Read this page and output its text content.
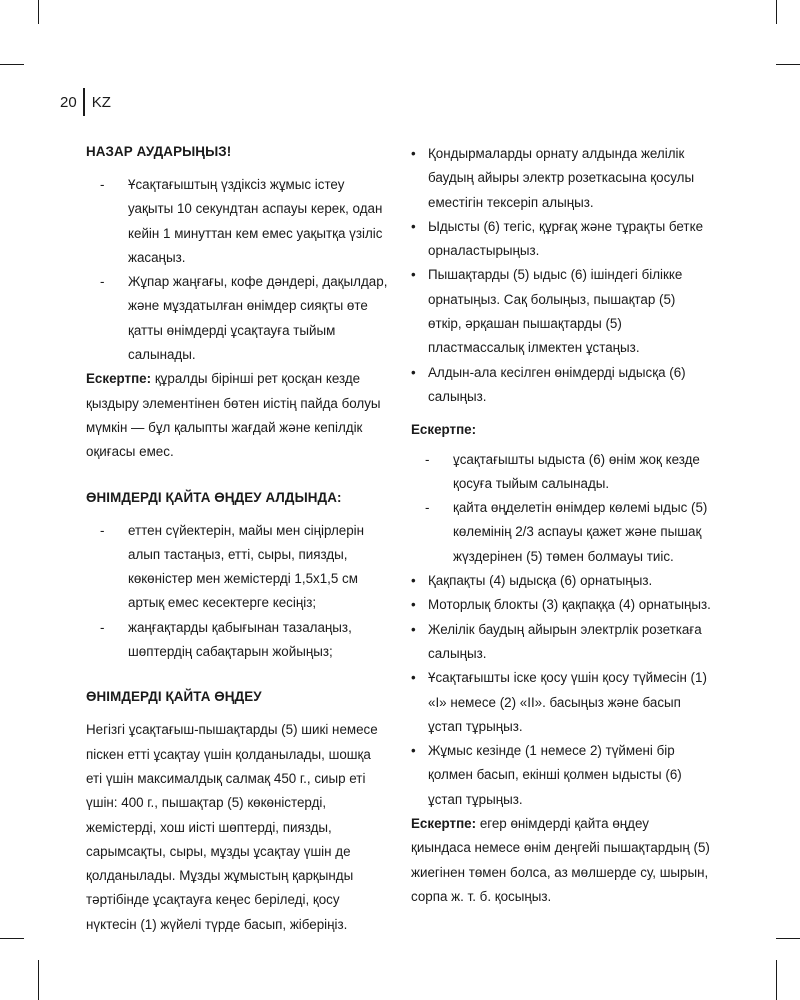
20	KZ
НАЗАР АУДАРЫҢЫЗ!
- Ұсақтағыштың үздіксіз жұмыс істеу уақыты 10 секундтан аспауы керек, одан кейін 1 минуттан кем емес уақытқа үзіліс жасаңыз.
- Жұпар жаңғағы, кофе дәндері, дақылдар, және мұздатылған өнімдер сияқты өте қатты өнімдерді ұсақтауға тыйым салынады.

Ескертпе: құралды бірінші рет қосқан кезде қыздыру элементінен бөтен иістің пайда болуы мүмкін — бұл қалыпты жағдай және кепілдік оқиғасы емес.

ӨНІМДЕРДІ ҚАЙТА ӨҢДЕУ АЛДЫНДА:
- еттен сүйектерін, майы мен сіңірлерін алып тастаңыз, етті, сыры, пиязды, көкөністер мен жемістерді 1,5х1,5 см артық емес кесектерге кесіңіз;
- жаңғақтарды қабығынан тазалаңыз, шөптердің сабақтарын жойыңыз;
ӨНІМДЕРДІ ҚАЙТА ӨҢДЕУ

Негізгі ұсақтағыш-пышақтарды (5) шикі немесе піскен етті ұсақтау үшін қолданылады, шошқа еті үшін максималдық салмақ 450 г., сиыр еті үшін: 400 г., пышақтар (5) көкөністерді, жемістерді, хош иісті шөптерді, пиязды, сарымсақты, сыры, мұзды ұсақтау үшін де қолданылады. Мұзды жұмыстың қарқынды тәртібінде ұсақтауға кеңес беріледі, қосу нүктесін (1) жүйелі түрде басып, жіберіңіз.

• Қондырмаларды орнату алдында желілік баудың айыры электр розеткасына қосулы еместігін тексеріп алыңыз.
• Ыдысты (6) тегіс, құрғақ және тұрақты бетке орналастырыңыз.
• Пышақтарды (5) ыдыс (6) ішіндегі білікке орнатыңыз. Сақ болыңыз, пышақтар (5) өткір, әрқашан пышақтарды (5) пластмассалық ілмектен ұстаңыз.
• Алдын-ала кесілген өнімдерді ыдысқа (6) салыңыз.

Ескертпе:

- ұсақтағышты ыдыста (6) өнім жоқ кезде қосуға тыйым салынады.
- қайта өңделетін өнімдер көлемі ыдыс (5) көлемінің 2/3 аспауы қажет және пышақ жүздерінен (5) төмен болмауы тиіс.
• Қақпақты (4) ыдысқа (6) орнатыңыз.
• Моторлық блокты (3) қақпаққа (4) орнатыңыз.
• Желілік баудың айырын электрлік розеткаға салыңыз.
• Ұсақтағышты іске қосу үшін қосу түймесін (1) «I» немесе (2) «II». басыңыз және басып ұстап тұрыңыз.
• Жұмыс кезінде (1 немесе 2) түймені бір қолмен басып, екінші қолмен ыдысты (6) ұстап тұрыңыз.

Ескертпе: егер өнімдерді қайта өңдеу қиындаса немесе өнім деңгейі пышақтардың (5) жиегінен төмен болса, аз мөлшерде су, шырын, сорпа ж. т. б. қосыңыз.
